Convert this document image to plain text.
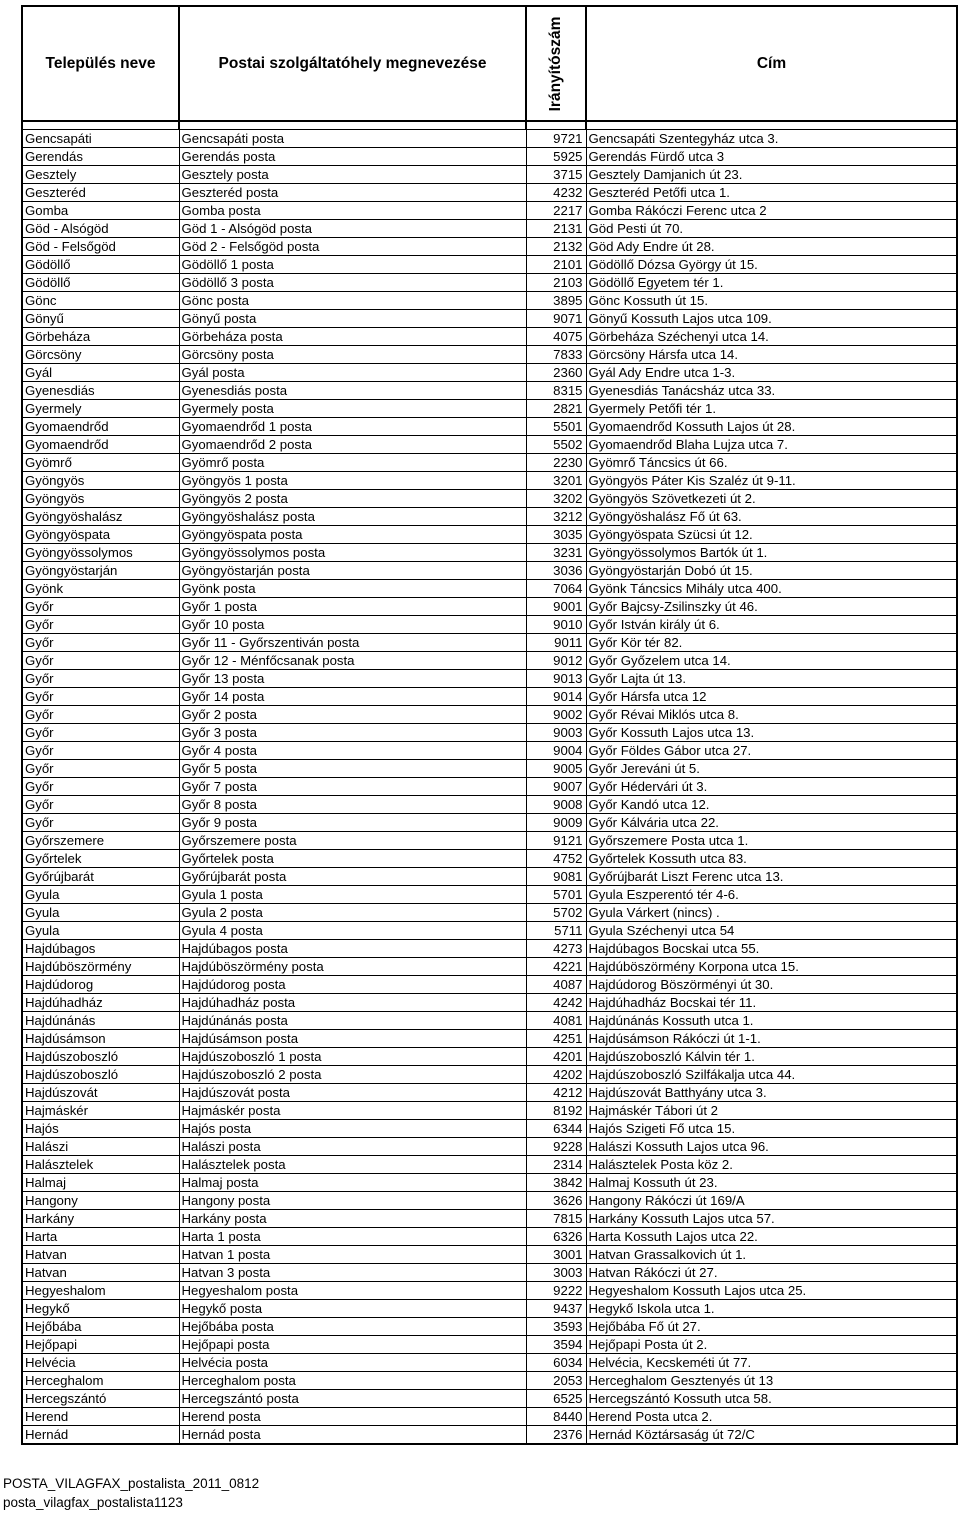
Település neve	Postai szolgáltatóhely megnevezése	Irányítószám	Cím

Gencsapáti	Gencsapáti posta	9721	Gencsapáti Szentegyház utca 3.
Gerendás	Gerendás posta	5925	Gerendás Fürdő utca 3
Gesztely	Gesztely posta	3715	Gesztely Damjanich út 23.
Geszteréd	Geszteréd posta	4232	Geszteréd Petőfi utca 1.
Gomba	Gomba posta	2217	Gomba Rákóczi Ferenc utca 2
Göd - Alsógöd	Göd 1 - Alsógöd posta	2131	Göd Pesti út 70.
Göd - Felsőgöd	Göd 2 - Felsőgöd posta	2132	Göd Ady Endre út 28.
Gödöllő	Gödöllő 1 posta	2101	Gödöllő Dózsa György út 15.
Gödöllő	Gödöllő 3 posta	2103	Gödöllő Egyetem tér 1.
Gönc	Gönc posta	3895	Gönc Kossuth út 15.
Gönyű	Gönyű posta	9071	Gönyű Kossuth Lajos utca 109.
Görbeháza	Görbeháza posta	4075	Görbeháza Széchenyi utca 14.
Görcsöny	Görcsöny posta	7833	Görcsöny Hársfa utca 14.
Gyál	Gyál posta	2360	Gyál Ady Endre utca 1-3.
Gyenesdiás	Gyenesdiás posta	8315	Gyenesdiás Tanácsház utca 33.
Gyermely	Gyermely posta	2821	Gyermely Petőfi tér 1.
Gyomaendrőd	Gyomaendrőd 1 posta	5501	Gyomaendrőd Kossuth Lajos út 28.
Gyomaendrőd	Gyomaendrőd 2 posta	5502	Gyomaendrőd Blaha Lujza utca 7.
Gyömrő	Gyömrő posta	2230	Gyömrő Táncsics út 66.
Gyöngyös	Gyöngyös 1 posta	3201	Gyöngyös Páter Kis Szaléz út 9-11.
Gyöngyös	Gyöngyös 2 posta	3202	Gyöngyös Szövetkezeti út 2.
Gyöngyöshalász	Gyöngyöshalász posta	3212	Gyöngyöshalász Fő út 63.
Gyöngyöspata	Gyöngyöspata posta	3035	Gyöngyöspata Szücsi út 12.
Gyöngyössolymos	Gyöngyössolymos posta	3231	Gyöngyössolymos Bartók út 1.
Gyöngyöstarján	Gyöngyöstarján posta	3036	Gyöngyöstarján Dobó út 15.
Gyönk	Gyönk posta	7064	Gyönk Táncsics Mihály utca 400.
Győr	Győr 1 posta	9001	Győr Bajcsy-Zsilinszky út 46.
Győr	Győr 10 posta	9010	Győr István király út 6.
Győr	Győr 11 - Győrszentiván posta	9011	Győr Kör tér 82.
Győr	Győr 12 - Ménfőcsanak posta	9012	Győr Győzelem utca 14.
Győr	Győr 13 posta	9013	Győr Lajta út 13.
Győr	Győr 14 posta	9014	Győr Hársfa utca 12
Győr	Győr 2 posta	9002	Győr Révai Miklós utca 8.
Győr	Győr 3 posta	9003	Győr Kossuth Lajos utca 13.
Győr	Győr 4 posta	9004	Győr Földes Gábor utca 27.
Győr	Győr 5 posta	9005	Győr Jereváni út 5.
Győr	Győr 7 posta	9007	Győr Hédervári út 3.
Győr	Győr 8 posta	9008	Győr Kandó utca 12.
Győr	Győr 9 posta	9009	Győr Kálvária utca 22.
Győrszemere	Győrszemere posta	9121	Győrszemere Posta utca 1.
Győrtelek	Győrtelek posta	4752	Győrtelek Kossuth utca 83.
Győrújbarát	Győrújbarát posta	9081	Győrújbarát Liszt Ferenc utca 13.
Gyula	Gyula 1 posta	5701	Gyula Eszperentó tér 4-6.
Gyula	Gyula 2 posta	5702	Gyula Várkert (nincs) .
Gyula	Gyula 4 posta	5711	Gyula Széchenyi utca 54
Hajdúbagos	Hajdúbagos posta	4273	Hajdúbagos Bocskai utca 55.
Hajdúböszörmény	Hajdúböszörmény posta	4221	Hajdúböszörmény Korpona utca 15.
Hajdúdorog	Hajdúdorog posta	4087	Hajdúdorog Böszörményi út 30.
Hajdúhadház	Hajdúhadház posta	4242	Hajdúhadház Bocskai tér 11.
Hajdúnánás	Hajdúnánás posta	4081	Hajdúnánás Kossuth utca 1.
Hajdúsámson	Hajdúsámson posta	4251	Hajdúsámson Rákóczi út 1-1.
Hajdúszoboszló	Hajdúszoboszló 1 posta	4201	Hajdúszoboszló Kálvin tér 1.
Hajdúszoboszló	Hajdúszoboszló 2 posta	4202	Hajdúszoboszló Szilfákalja utca 44.
Hajdúszovát	Hajdúszovát posta	4212	Hajdúszovát Batthyány utca 3.
Hajmáskér	Hajmáskér posta	8192	Hajmáskér Tábori út 2
Hajós	Hajós posta	6344	Hajós Szigeti Fő utca 15.
Halászi	Halászi posta	9228	Halászi Kossuth Lajos utca 96.
Halásztelek	Halásztelek posta	2314	Halásztelek Posta köz 2.
Halmaj	Halmaj posta	3842	Halmaj Kossuth út 23.
Hangony	Hangony posta	3626	Hangony Rákóczi út 169/A
Harkány	Harkány posta	7815	Harkány Kossuth Lajos utca 57.
Harta	Harta 1 posta	6326	Harta Kossuth Lajos utca 22.
Hatvan	Hatvan 1 posta	3001	Hatvan Grassalkovich út 1.
Hatvan	Hatvan 3 posta	3003	Hatvan Rákóczi út 27.
Hegyeshalom	Hegyeshalom posta	9222	Hegyeshalom Kossuth Lajos utca 25.
Hegykő	Hegykő posta	9437	Hegykő Iskola utca 1.
Hejőbába	Hejőbába posta	3593	Hejőbába Fő út 27.
Hejőpapi	Hejőpapi posta	3594	Hejőpapi Posta út 2.
Helvécia	Helvécia posta	6034	Helvécia, Kecskeméti út 77.
Herceghalom	Herceghalom posta	2053	Herceghalom Gesztenyés út 13
Hercegszántó	Hercegszántó posta	6525	Hercegszántó Kossuth utca 58.
Herend	Herend posta	8440	Herend Posta utca 2.
Hernád	Hernád posta	2376	Hernád Köztársaság út 72/C
POSTA_VILAGFAX_postalista_2011_0812
posta_vilagfax_postalista1123
